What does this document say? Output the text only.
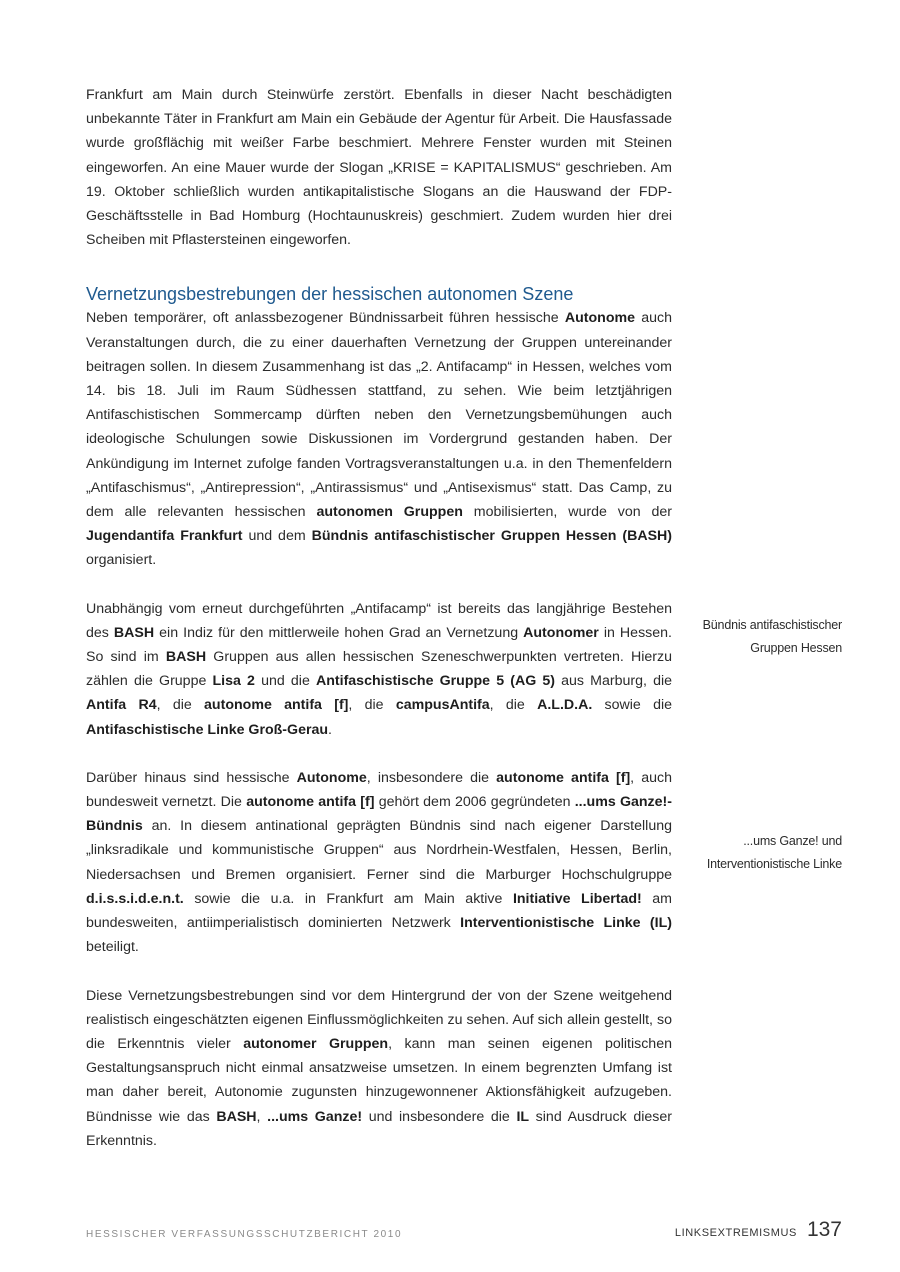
Frankfurt am Main durch Steinwürfe zerstört. Ebenfalls in dieser Nacht beschädigten unbekannte Täter in Frankfurt am Main ein Gebäude der Agentur für Arbeit. Die Hausfassade wurde großflächig mit weißer Farbe beschmiert. Mehrere Fenster wurden mit Steinen eingeworfen. An eine Mauer wurde der Slogan „KRISE = KAPITALISMUS“ geschrieben. Am 19. Oktober schließlich wurden antikapitalistische Slogans an die Hauswand der FDP-Geschäftsstelle in Bad Homburg (Hochtaunuskreis) geschmiert. Zudem wurden hier drei Scheiben mit Pflastersteinen eingeworfen.

Vernetzungsbestrebungen der hessischen autonomen Szene

Neben temporärer, oft anlassbezogener Bündnissarbeit führen hessische Autonome auch Veranstaltungen durch, die zu einer dauerhaften Vernetzung der Gruppen untereinander beitragen sollen. In diesem Zusammenhang ist das „2. Antifacamp“ in Hessen, welches vom 14. bis 18. Juli im Raum Südhessen stattfand, zu sehen. Wie beim letztjährigen Antifaschistischen Sommercamp dürften neben den Vernetzungsbemühungen auch ideologische Schulungen sowie Diskussionen im Vordergrund gestanden haben. Der Ankündigung im Internet zufolge fanden Vortragsveranstaltungen u.a. in den Themenfeldern „Antifaschismus“, „Antirepression“, „Antirassismus“ und „Antisexismus“ statt. Das Camp, zu dem alle relevanten hessischen autonomen Gruppen mobilisierten, wurde von der Jugendantifa Frankfurt und dem Bündnis antifaschistischer Gruppen Hessen (BASH) organisiert.

Unabhängig vom erneut durchgeführten „Antifacamp“ ist bereits das langjährige Bestehen des BASH ein Indiz für den mittlerweile hohen Grad an Vernetzung Autonomer in Hessen. So sind im BASH Gruppen aus allen hessischen Szeneschwerpunkten vertreten. Hierzu zählen die Gruppe Lisa 2 und die Antifaschistische Gruppe 5 (AG 5) aus Marburg, die Antifa R4, die autonome antifa [f], die campusAntifa, die A.L.D.A. sowie die Antifaschistische Linke Groß-Gerau.

Darüber hinaus sind hessische Autonome, insbesondere die autonome antifa [f], auch bundesweit vernetzt. Die autonome antifa [f] gehört dem 2006 gegründeten ...ums Ganze!-Bündnis an. In diesem antinational geprägten Bündnis sind nach eigener Darstellung „linksradikale und kommunistische Gruppen“ aus Nordrhein-Westfalen, Hessen, Berlin, Niedersachsen und Bremen organisiert. Ferner sind die Marburger Hochschulgruppe d.i.s.s.i.d.e.n.t. sowie die u.a. in Frankfurt am Main aktive Initiative Libertad! am bundesweiten, antiimperialistisch dominierten Netzwerk Interventionistische Linke (IL) beteiligt.

Diese Vernetzungsbestrebungen sind vor dem Hintergrund der von der Szene weitgehend realistisch eingeschätzten eigenen Einflussmöglichkeiten zu sehen. Auf sich allein gestellt, so die Erkenntnis vieler autonomer Gruppen, kann man seinen eigenen politischen Gestaltungsanspruch nicht einmal ansatzweise umsetzen. In einem begrenzten Umfang ist man daher bereit, Autonomie zugunsten hinzugewonnener Aktionsfähigkeit aufzugeben. Bündnisse wie das BASH, ...ums Ganze! und insbesondere die IL sind Ausdruck dieser Erkenntnis.

Bündnis antifaschistischer
Gruppen Hessen
...ums Ganze! und
Interventionistische Linke
HESSISCHER VERFASSUNGSSCHUTZBERICHT 2010	LINKSEXTREMISMUS 137
